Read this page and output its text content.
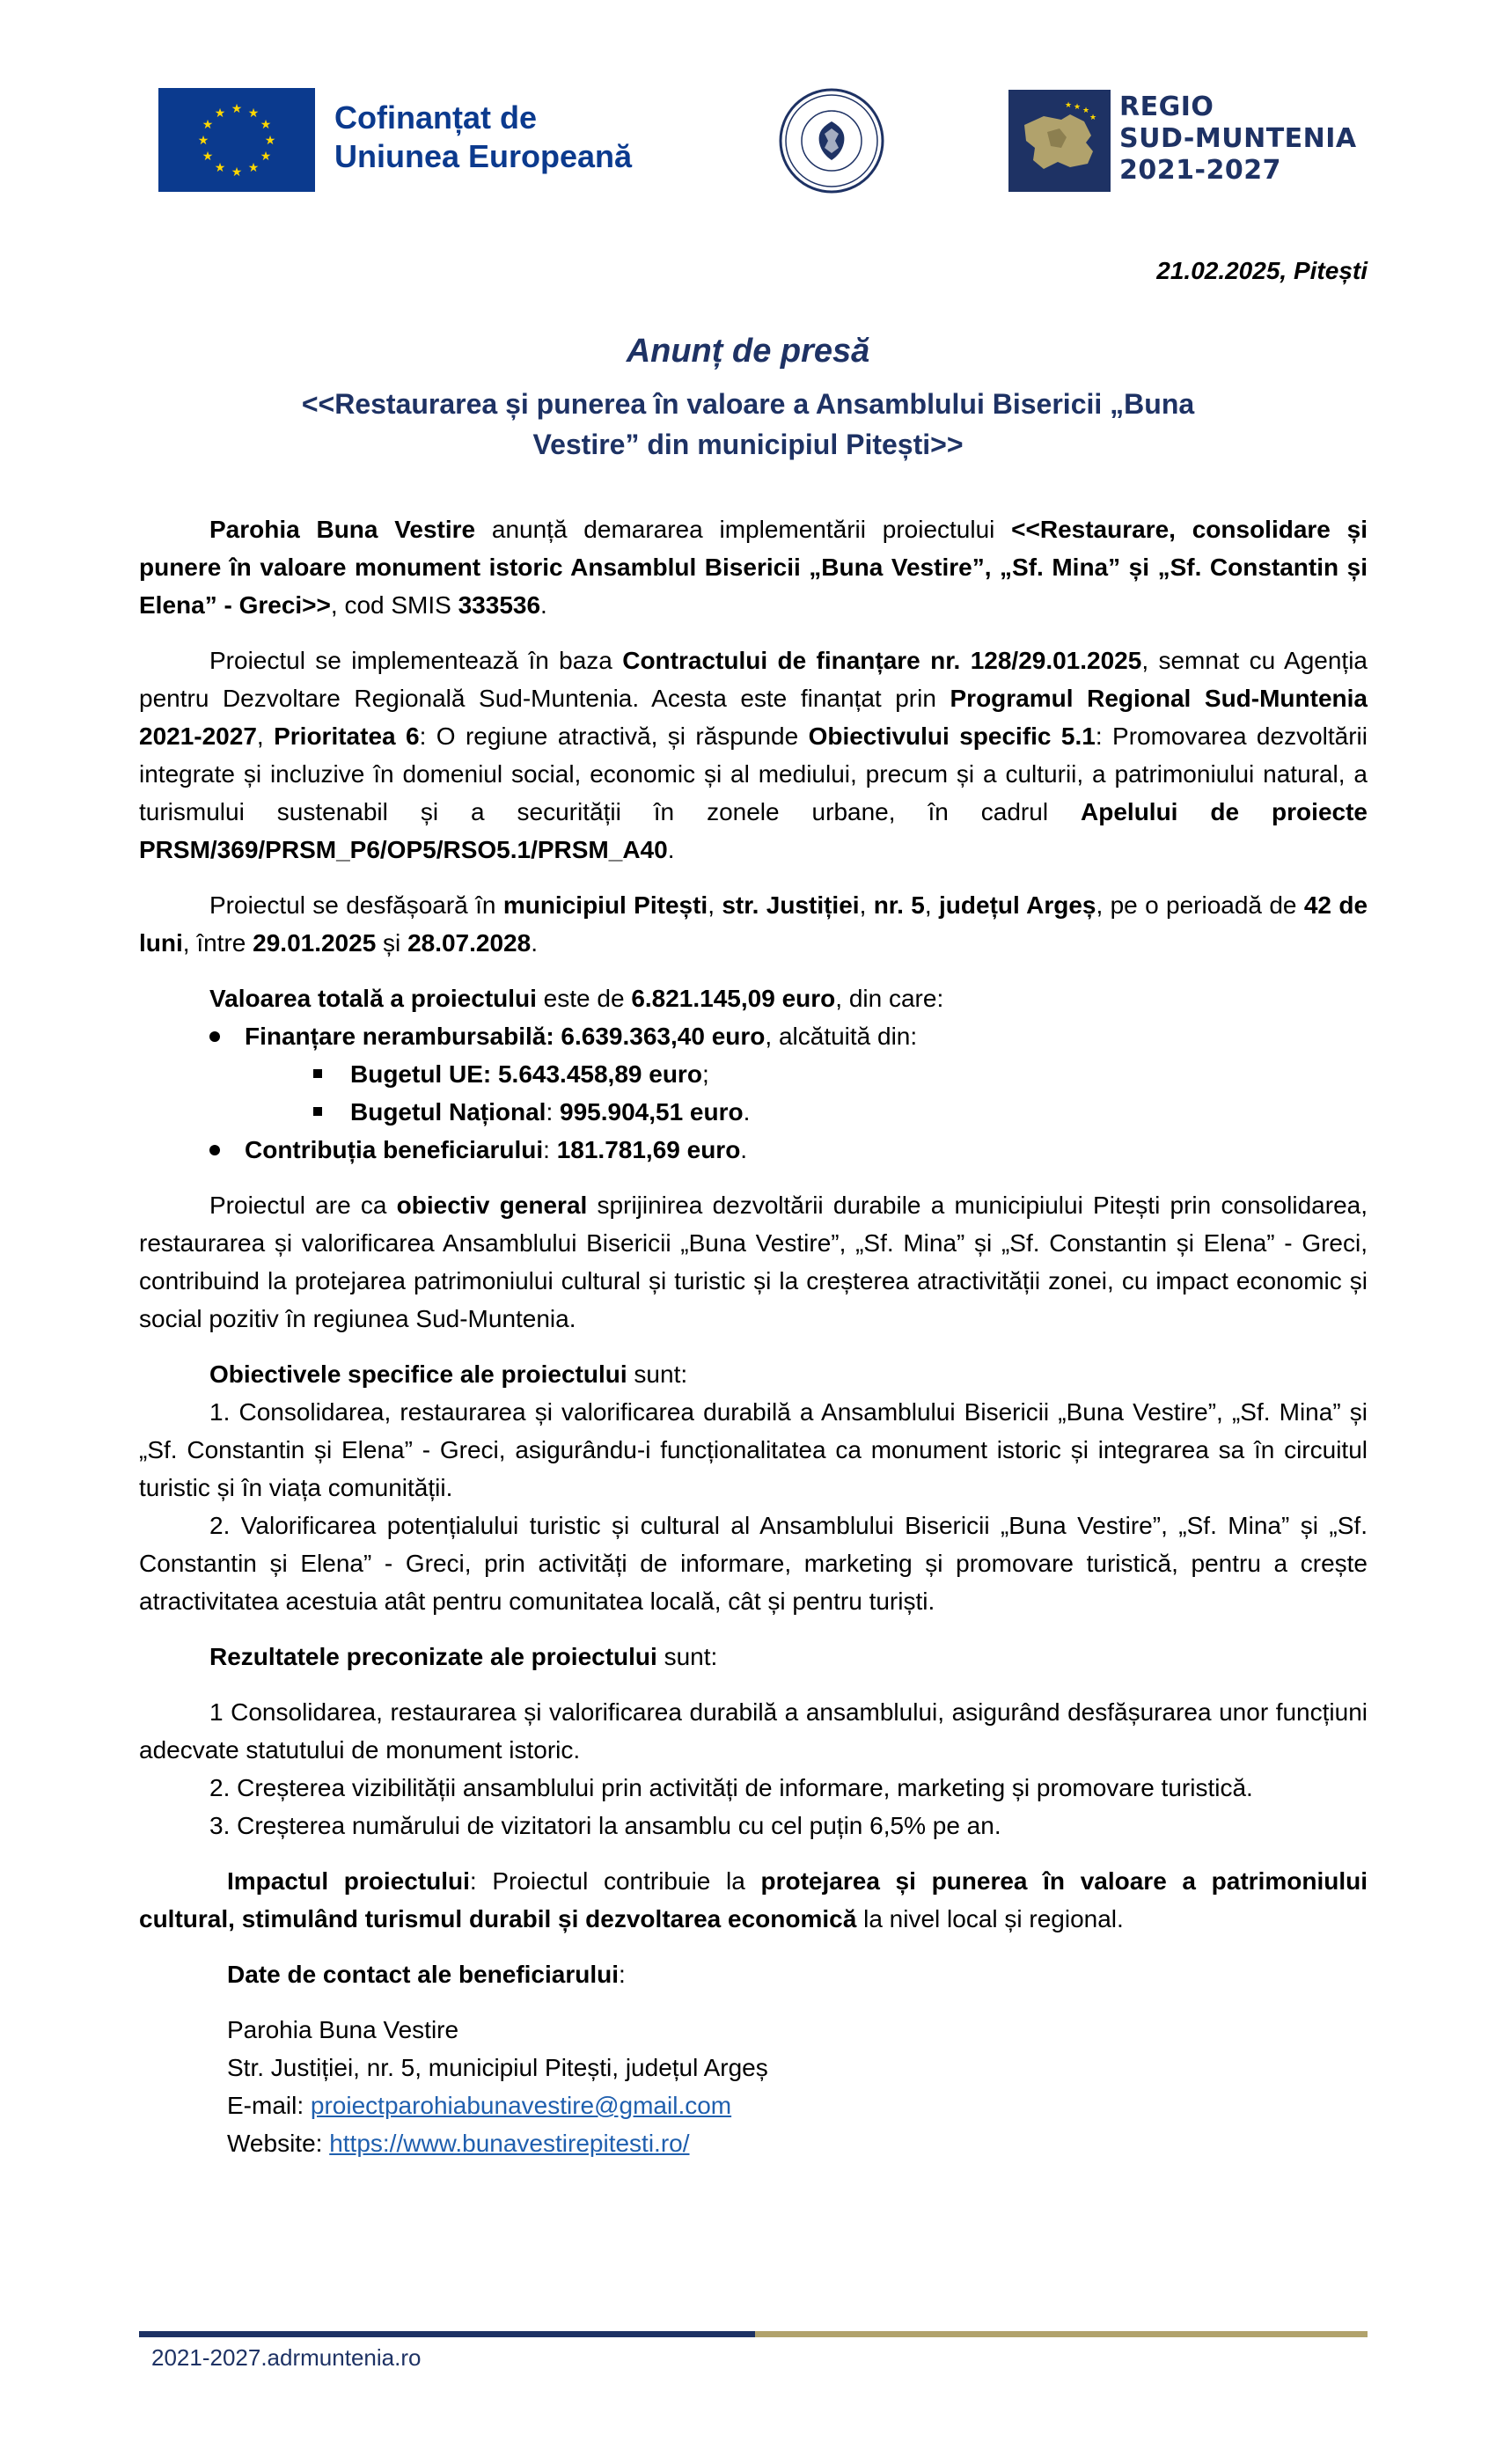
★ ★
★
★
★
★
★
★
★
★
★
★	Cofinanțat de
Uniunea Europeană
★ ★
★
★ REGIO
SUD-MUNTENIA
2021-2027
21.02.2025, Pitești
Anunț de presă
<<Restaurarea și punerea în valoare a Ansamblului Bisericii „Buna
Vestire” din municipiul Pitești>>

Parohia Buna Vestire anunță demararea implementării proiectului <<Restaurare, consolidare și punere în valoare monument istoric Ansamblul Bisericii „Buna Vestire”, „Sf. Mina” și „Sf. Constantin și Elena” - Greci>>, cod SMIS 333536.

Proiectul se implementează în baza Contractului de finanțare nr. 128/29.01.2025, semnat cu Agenția pentru Dezvoltare Regională Sud-Muntenia. Acesta este finanțat prin Programul Regional Sud-Muntenia 2021-2027, Prioritatea 6: O regiune atractivă, și răspunde Obiectivului specific 5.1: Promovarea dezvoltării integrate și incluzive în domeniul social, economic și al mediului, precum și a culturii, a patrimoniului natural, a turismului sustenabil și a securității în zonele urbane, în cadrul Apelului de proiecte PRSM/369/PRSM_P6/OP5/RSO5.1/PRSM_A40.

Proiectul se desfășoară în municipiul Pitești, str. Justiției, nr. 5, județul Argeș, pe o perioadă de 42 de luni, între 29.01.2025 și 28.07.2028.

Valoarea totală a proiectului este de 6.821.145,09 euro, din care:

Finanțare nerambursabilă: 6.639.363,40 euro, alcătuită din:
Bugetul UE: 5.643.458,89 euro;
Bugetul Național: 995.904,51 euro.
Contribuția beneficiarului: 181.781,69 euro.

Proiectul are ca obiectiv general sprijinirea dezvoltării durabile a municipiului Pitești prin consolidarea, restaurarea și valorificarea Ansamblului Bisericii „Buna Vestire”, „Sf. Mina” și „Sf. Constantin și Elena” - Greci, contribuind la protejarea patrimoniului cultural și turistic și la creșterea atractivității zonei, cu impact economic și social pozitiv în regiunea Sud-Muntenia.

Obiectivele specifice ale proiectului sunt:

1. Consolidarea, restaurarea și valorificarea durabilă a Ansamblului Bisericii „Buna Vestire”, „Sf. Mina” și „Sf. Constantin și Elena” - Greci, asigurându-i funcționalitatea ca monument istoric și integrarea sa în circuitul turistic și în viața comunității.

2. Valorificarea potențialului turistic și cultural al Ansamblului Bisericii „Buna Vestire”, „Sf. Mina” și „Sf. Constantin și Elena” - Greci, prin activități de informare, marketing și promovare turistică, pentru a crește atractivitatea acestuia atât pentru comunitatea locală, cât și pentru turiști.

Rezultatele preconizate ale proiectului sunt:

1 Consolidarea, restaurarea și valorificarea durabilă a ansamblului, asigurând desfășurarea unor funcțiuni adecvate statutului de monument istoric.

2. Creșterea vizibilității ansamblului prin activități de informare, marketing și promovare turistică.

3. Creșterea numărului de vizitatori la ansamblu cu cel puțin 6,5% pe an.

Impactul proiectului: Proiectul contribuie la protejarea și punerea în valoare a patrimoniului cultural, stimulând turismul durabil și dezvoltarea economică la nivel local și regional.

Date de contact ale beneficiarului:

Parohia Buna Vestire
Str. Justiției, nr. 5, municipiul Pitești, județul Argeș
E-mail: proiectparohiabunavestire@gmail.com
Website: https://www.bunavestirepitesti.ro/
2021-2027.adrmuntenia.ro
